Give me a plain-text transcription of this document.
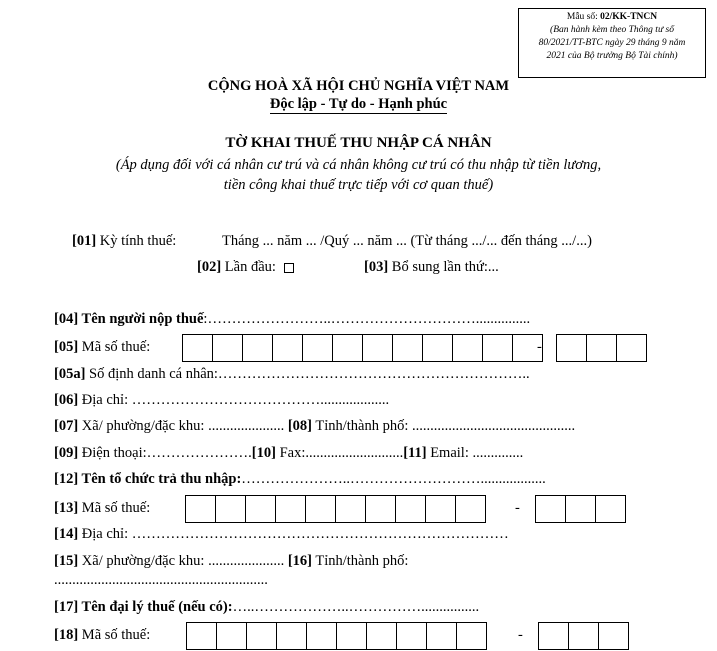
Mẫu số: 02/KK-TNCN
(Ban hành kèm theo Thông tư số
80/2021/TT-BTC ngày 29 tháng 9 năm
2021 của Bộ trưởng Bộ Tài chính)
CỘNG HOÀ XÃ HỘI CHỦ NGHĨA VIỆT NAM
Độc lập - Tự do - Hạnh phúc
TỜ KHAI THUẾ THU NHẬP CÁ NHÂN
(Áp dụng đối với cá nhân cư trú và cá nhân không cư trú có thu nhập từ tiền lương,
tiền công khai thuế trực tiếp với cơ quan thuế)
[01] Kỳ tính thuế:	Tháng ... năm ... /Quý ... năm ... (Từ tháng .../... đến tháng .../...)
[02] Lần đầu:	[03] Bổ sung lần thứ:...
[04] Tên người nộp thuế:……………………..…………………………...............
[05] Mã số thuế:	-
[05a] Số định danh cá nhân:………………………………………………………..
[06] Địa chỉ: …………………………………...................
[07] Xã/ phường/đặc khu: ..................... [08] Tỉnh/thành phố: .............................................
[09] Điện thoại:………………….[10] Fax:...........................[11] Email: ..............
[12] Tên tổ chức trả thu nhập:…………………..………………………..................
[13] Mã số thuế:	-
[14] Địa chỉ: ……………………………………………………………………
[15] Xã/ phường/đặc khu: ..................... [16] Tỉnh/thành phố:
...........................................................
[17] Tên đại lý thuế (nếu có):…..………………..……………................
[18] Mã số thuế:	-
